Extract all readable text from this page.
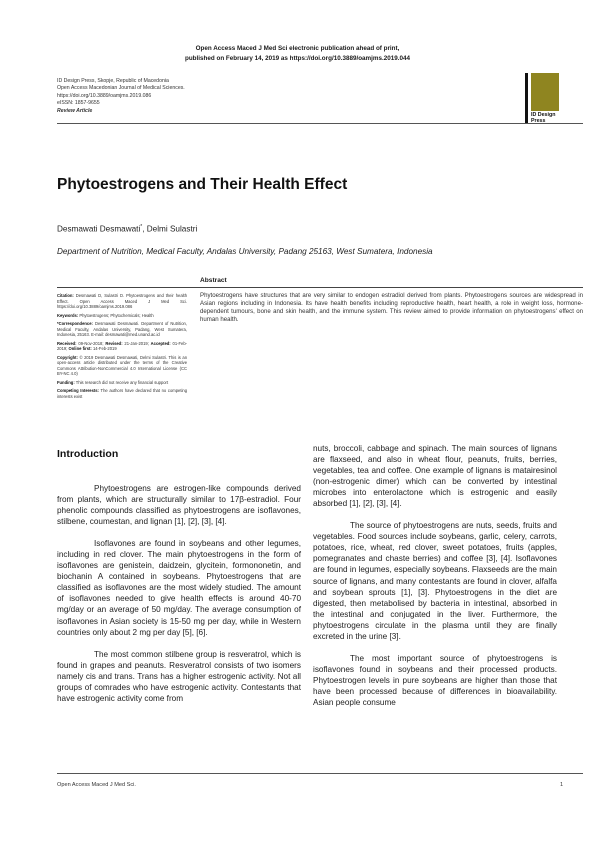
Open Access Maced J Med Sci electronic publication ahead of print,
published on February 14, 2019 as https://doi.org/10.3889/oamjms.2019.044
ID Design Press, Skopje, Republic of Macedonia
Open Access Macedonian Journal of Medical Sciences.
https://doi.org/10.3889/oamjms.2019.086
eISSN: 1857-9655
Review Article
ID Design
Press
Phytoestrogens and Their Health Effect
Desmawati Desmawati*, Delmi Sulastri
Department of Nutrition, Medical Faculty, Andalas University, Padang 25163, West Sumatera, Indonesia
Abstract
Phytoestrogens have structures that are very similar to endogen estradiol derived from plants. Phytoestrogens sources are widespread in Asian regions including in Indonesia. Its have health benefits including reproductive health, heart health, a role in weight loss, hormone-dependent tumours, bone and skin health, and the immune system. This review aimed to provide information on phytoestrogens' effect on human health.

Citation: Desmawati D, Sulastri D. Phytoestrogens and their health Effect. Open Access Maced J Med Sci. https://doi.org/10.3889/oamjms.2019.086

Keywords: Phytoestrogens; Phytochemicals; Health

*Correspondence: Desmawati Desmawati. Department of Nutrition, Medical Faculty, Andalas University, Padang, West Sumatera, Indonesia, 25163. E-mail: desmawati@med.unand.ac.id

Received: 09-Nov-2018; Revised: 21-Jan-2019; Accepted: 01-Feb-2019; Online first: 14-Feb-2019

Copyright: © 2019 Desmawati Desmawati, Delmi Sulastri. This is an open-access article distributed under the terms of the Creative Commons Attribution-NonCommercial 4.0 International License (CC BY-NC 4.0)

Funding: This research did not receive any financial support

Competing Interests: The authors have declared that no competing interests exist

Introduction

Phytoestrogens are estrogen-like compounds derived from plants, which are structurally similar to 17β-estradiol. Four phenolic compounds classified as phytoestrogens are isoflavones, stilbene, coumestan, and lignan [1], [2], [3], [4].

Isoflavones are found in soybeans and other legumes, including in red clover. The main phytoestrogens in the form of isoflavones are genistein, daidzein, glycitein, formononetin, and biochanin A contained in soybeans. Phytoestrogens that are classified as isoflavones are the most widely studied. The amount of isoflavones needed to give health effects is around 40-70 mg/day or an average of 50 mg/day. The average consumption of isoflavones in Asian society is 15-50 mg per day, while in Western countries only about 2 mg per day [5], [6].

The most common stilbene group is resveratrol, which is found in grapes and peanuts. Resveratrol consists of two isomers namely cis and trans. Trans has a higher estrogenic activity. Not all groups of comrades who have estrogenic activity. Contestants that have estrogenic activity come from

nuts, broccoli, cabbage and spinach. The main sources of lignans are flaxseed, and also in wheat flour, peanuts, fruits, berries, vegetables, tea and coffee. One example of lignans is matairesinol (non-estrogenic dimer) which can be converted by intestinal microbes into enterolactone which is estrogenic and easily absorbed [1], [2], [3], [4].

The source of phytoestrogens are nuts, seeds, fruits and vegetables. Food sources include soybeans, garlic, celery, carrots, potatoes, rice, wheat, red clover, sweet potatoes, fruits (apples, pomegranates and chaste berries) and coffee [3], [4]. Isoflavones are found in legumes, especially soybeans. Flaxseeds are the main source of lignans, and many contestants are found in clover, alfalfa and soybean sprouts [1], [3]. Phytoestrogens in the diet are digested, then metabolised by bacteria in intestinal, absorbed in the intestinal and conjugated in the liver. Furthermore, the phytoestrogens circulate in the plasma until they are finally excreted in the urine [3].

The most important source of phytoestrogens is isoflavones found in soybeans and their processed products. Phytoestrogen levels in pure soybeans are higher than those that have been processed because of differences in bioavailability. Asian people consume

Open Access Maced J Med Sci.	1
